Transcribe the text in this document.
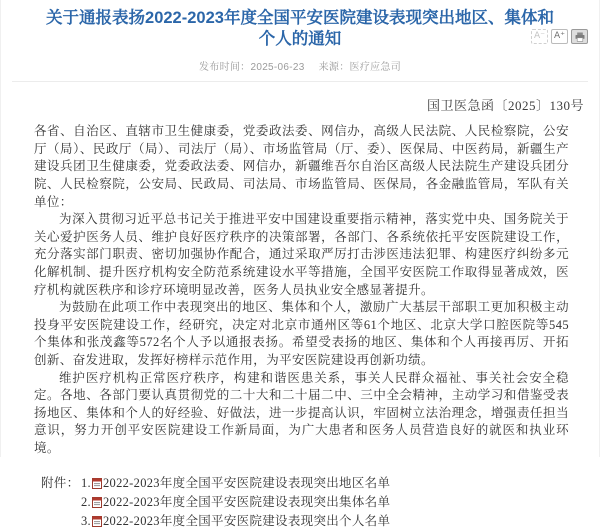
关于通报表扬2022-2023年度全国平安医院建设表现突出地区、集体和个人的通知
发布时间：2025-06-23 来源：医疗应急司
A⁻	A⁺
国卫医急函〔2025〕130号

各省、自治区、直辖市卫生健康委，党委政法委、网信办，高级人民法院、人民检察院，公安厅（局）、民政厅（局）、司法厅（局）、市场监管局（厅、委）、医保局、中医药局，新疆生产建设兵团卫生健康委，党委政法委、网信办，新疆维吾尔自治区高级人民法院生产建设兵团分院、人民检察院，公安局、民政局、司法局、市场监管局、医保局，各金融监管局，军队有关单位：

为深入贯彻习近平总书记关于推进平安中国建设重要指示精神，落实党中央、国务院关于关心爱护医务人员、维护良好医疗秩序的决策部署，各部门、各系统依托平安医院建设工作，充分落实部门职责、密切加强协作配合，通过采取严厉打击涉医违法犯罪、构建医疗纠纷多元化解机制、提升医疗机构安全防范系统建设水平等措施，全国平安医院工作取得显著成效，医疗机构就医秩序和诊疗环境明显改善，医务人员执业安全感显著提升。

为鼓励在此项工作中表现突出的地区、集体和个人，激励广大基层干部职工更加积极主动投身平安医院建设工作，经研究，决定对北京市通州区等61个地区、北京大学口腔医院等545个集体和张茂鑫等572名个人予以通报表扬。希望受表扬的地区、集体和个人再接再厉、开拓创新、奋发进取，发挥好榜样示范作用，为平安医院建设再创新功绩。

维护医疗机构正常医疗秩序，构建和谐医患关系，事关人民群众福祉、事关社会安全稳定。各地、各部门要认真贯彻党的二十大和二十届二中、三中全会精神，主动学习和借鉴受表扬地区、集体和个人的好经验、好做法，进一步提高认识，牢固树立法治理念，增强责任担当意识，努力开创平安医院建设工作新局面，为广大患者和医务人员营造良好的就医和执业环境。

附件： 1. 2022-2023年度全国平安医院建设表现突出地区名单
2. 2022-2023年度全国平安医院建设表现突出集体名单
3. 2022-2023年度全国平安医院建设表现突出个人名单
